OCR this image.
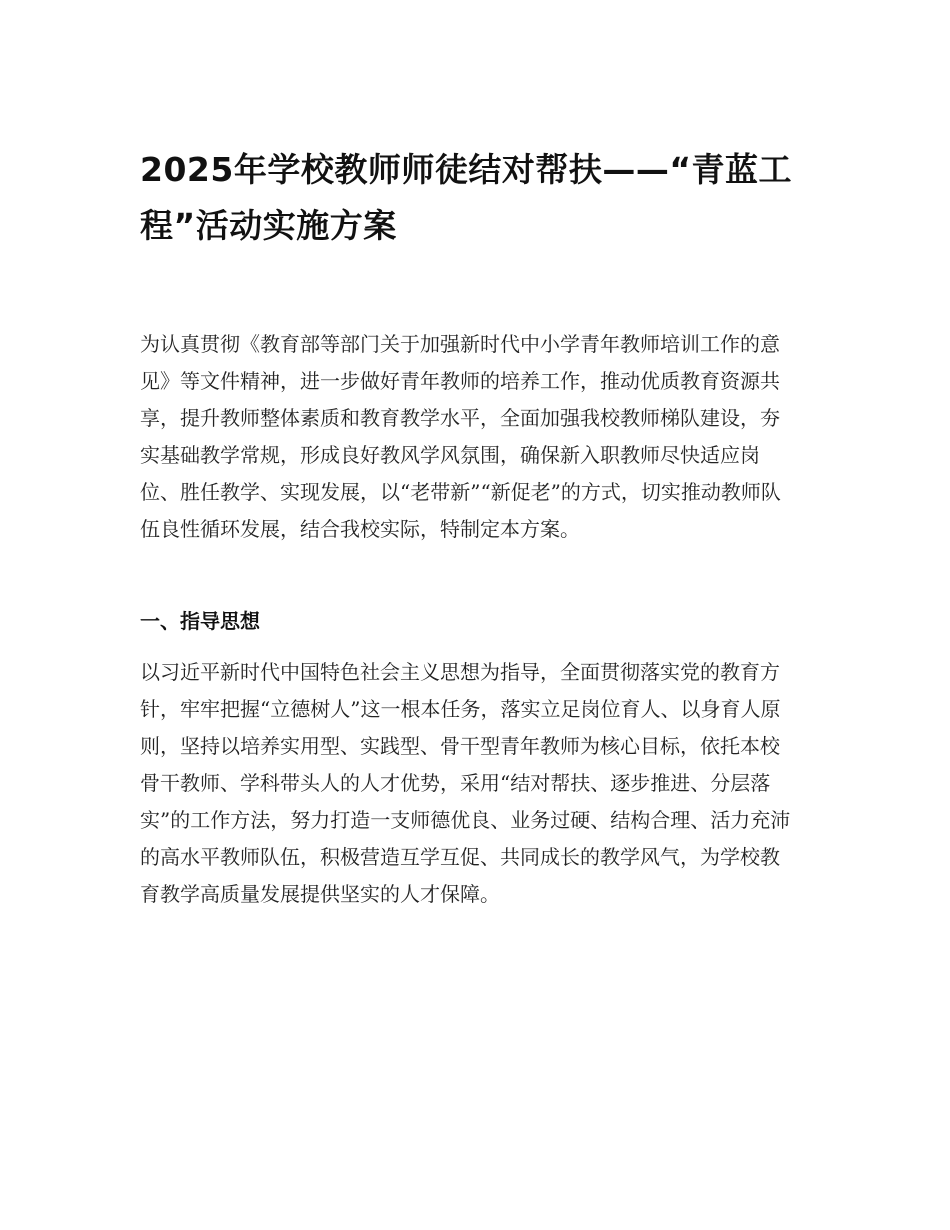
2025年学校教师师徒结对帮扶——“青蓝工程”活动实施方案

为认真贯彻《教育部等部门关于加强新时代中小学青年教师培训工作的意见》等文件精神，进一步做好青年教师的培养工作，推动优质教育资源共享，提升教师整体素质和教育教学水平，全面加强我校教师梯队建设，夯实基础教学常规，形成良好教风学风氛围，确保新入职教师尽快适应岗位、胜任教学、实现发展，以“老带新”“新促老”的方式，切实推动教师队伍良性循环发展，结合我校实际，特制定本方案。

一、指导思想

以习近平新时代中国特色社会主义思想为指导，全面贯彻落实党的教育方针，牢牢把握“立德树人”这一根本任务，落实立足岗位育人、以身育人原则，坚持以培养实用型、实践型、骨干型青年教师为核心目标，依托本校骨干教师、学科带头人的人才优势，采用“结对帮扶、逐步推进、分层落实”的工作方法，努力打造一支师德优良、业务过硬、结构合理、活力充沛的高水平教师队伍，积极营造互学互促、共同成长的教学风气，为学校教育教学高质量发展提供坚实的人才保障。
